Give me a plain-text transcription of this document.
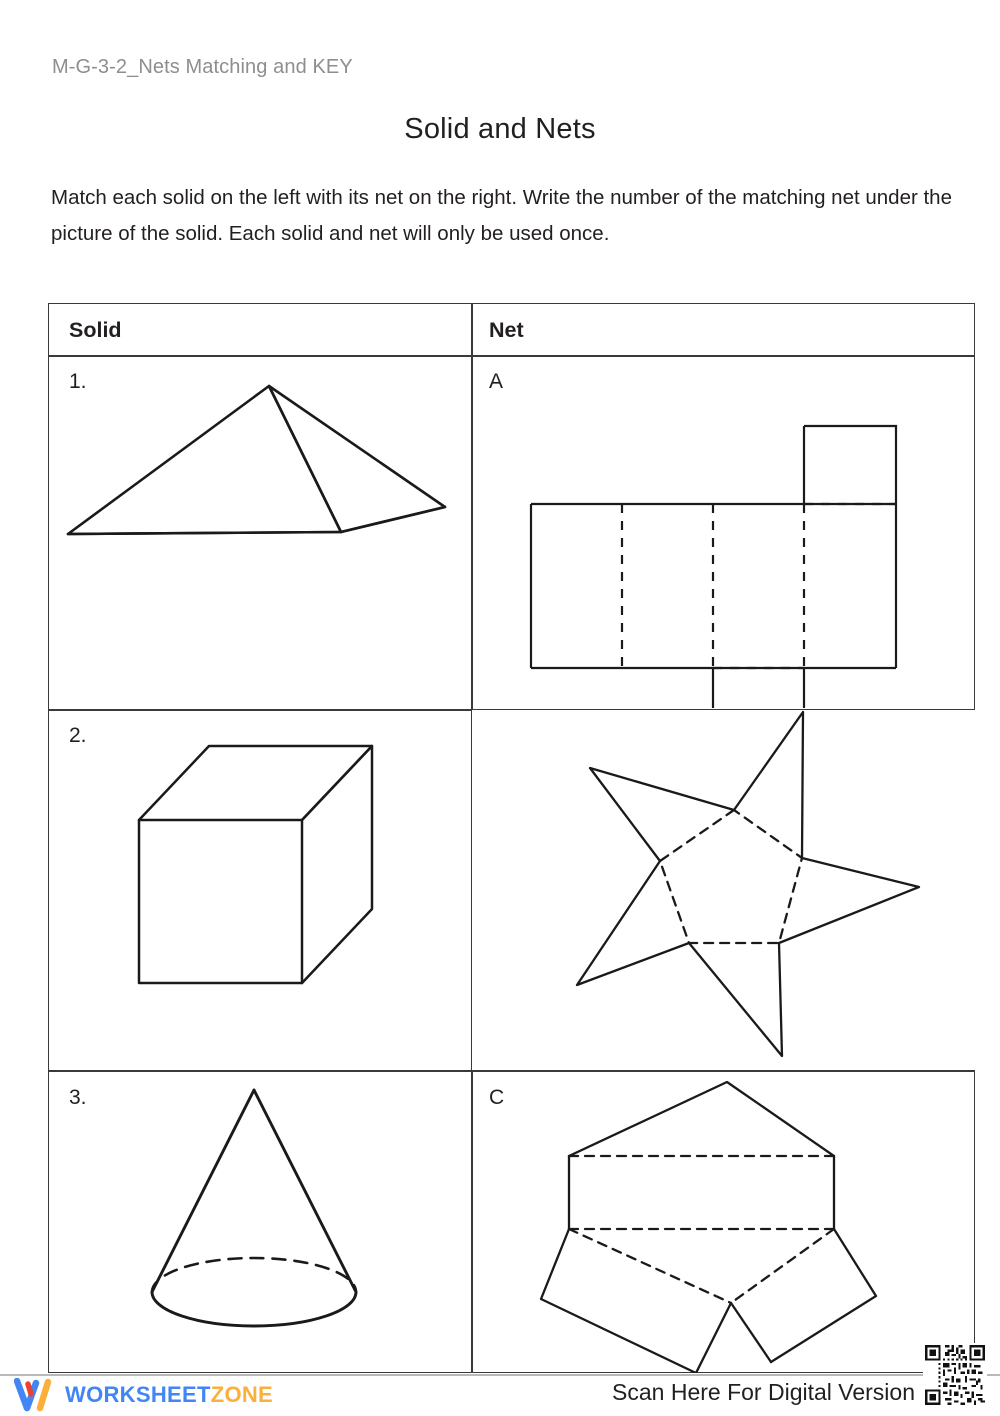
M-G-3-2_Nets Matching and KEY
Solid and Nets
Match each solid on the left with its net on the right. Write the number of the matching net under the picture of the solid. Each solid and net will only be used once.
Solid	Net
1.
2.
3.
A
B
C
WORKSHEETZONE	Scan Here For Digital Version
